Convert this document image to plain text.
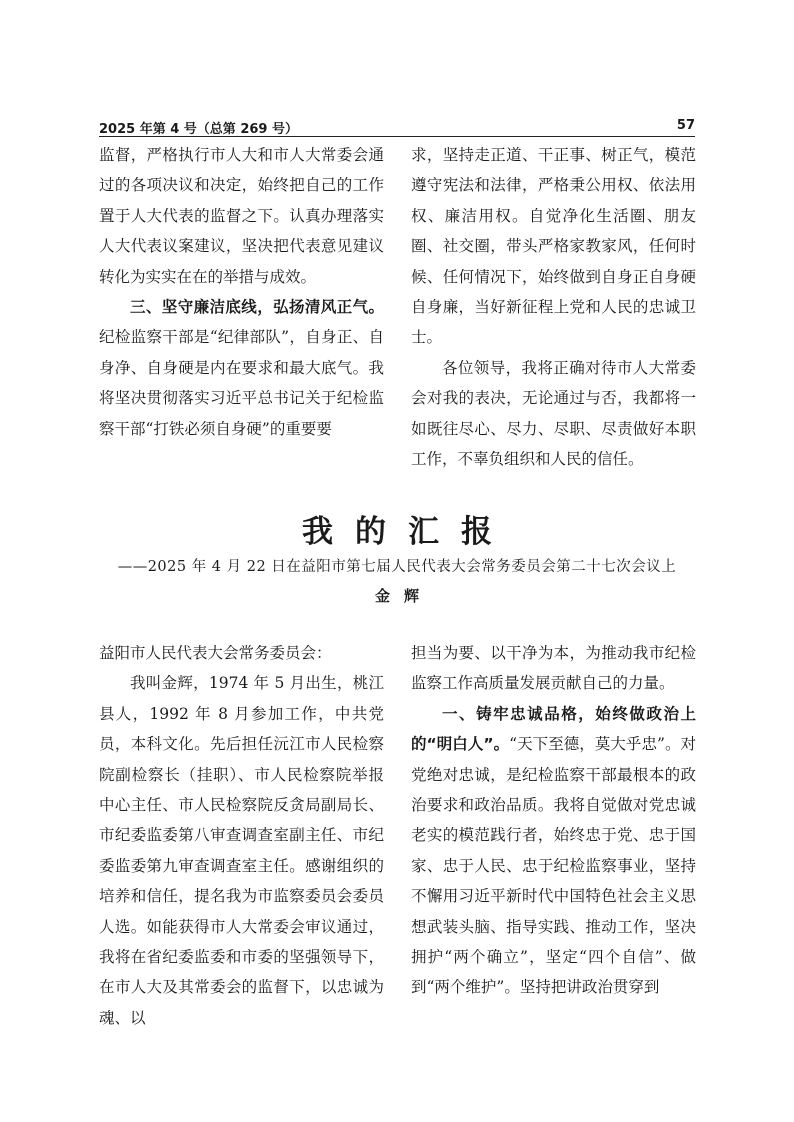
2025 年第 4 号（总第 269 号）	57

监督，严格执行市人大和市人大常委会通过的各项决议和决定，始终把自己的工作置于人大代表的监督之下。认真办理落实人大代表议案建议，坚决把代表意见建议转化为实实在在的举措与成效。

三、坚守廉洁底线，弘扬清风正气。纪检监察干部是“纪律部队”，自身正、自身净、自身硬是内在要求和最大底气。我将坚决贯彻落实习近平总书记关于纪检监察干部“打铁必须自身硬”的重要要

求，坚持走正道、干正事、树正气，模范遵守宪法和法律，严格秉公用权、依法用权、廉洁用权。自觉净化生活圈、朋友圈、社交圈，带头严格家教家风，任何时候、任何情况下，始终做到自身正自身硬自身廉，当好新征程上党和人民的忠诚卫士。

各位领导，我将正确对待市人大常委会对我的表决，无论通过与否，我都将一如既往尽心、尽力、尽职、尽责做好本职工作，不辜负组织和人民的信任。

我的汇报
——2025 年 4 月 22 日在益阳市第七届人民代表大会常务委员会第二十七次会议上
金辉

益阳市人民代表大会常务委员会：

我叫金辉，1974 年 5 月出生，桃江县人，1992 年 8 月参加工作，中共党员，本科文化。先后担任沅江市人民检察院副检察长（挂职）、市人民检察院举报中心主任、市人民检察院反贪局副局长、市纪委监委第八审查调查室副主任、市纪委监委第九审查调查室主任。感谢组织的培养和信任，提名我为市监察委员会委员人选。如能获得市人大常委会审议通过，我将在省纪委监委和市委的坚强领导下，在市人大及其常委会的监督下，以忠诚为魂、以

担当为要、以干净为本，为推动我市纪检监察工作高质量发展贡献自己的力量。

一、铸牢忠诚品格，始终做政治上的“明白人”。“天下至德，莫大乎忠”。对党绝对忠诚，是纪检监察干部最根本的政治要求和政治品质。我将自觉做对党忠诚老实的模范践行者，始终忠于党、忠于国家、忠于人民、忠于纪检监察事业，坚持不懈用习近平新时代中国特色社会主义思想武装头脑、指导实践、推动工作，坚决拥护“两个确立”，坚定“四个自信”、做到“两个维护”。坚持把讲政治贯穿到
